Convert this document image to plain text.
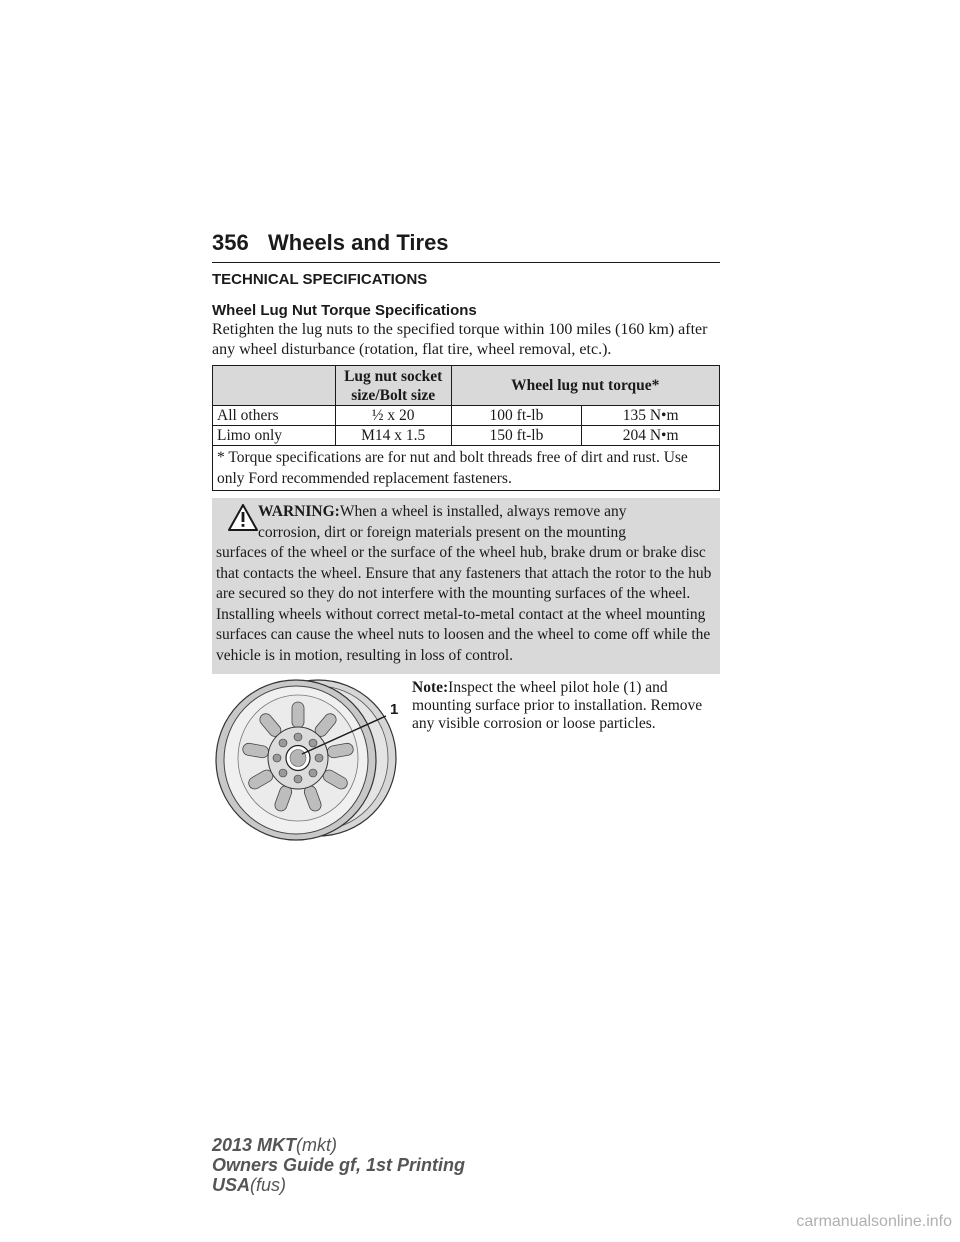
356 Wheels and Tires
TECHNICAL SPECIFICATIONS
Wheel Lug Nut Torque Specifications
Retighten the lug nuts to the specified torque within 100 miles (160 km) after any wheel disturbance (rotation, flat tire, wheel removal, etc.).
	Lug nut socket size/Bolt size	Wheel lug nut torque*	
All others	½ x 20	100 ft-lb	135 N•m
Limo only	M14 x 1.5	150 ft-lb	204 N•m
* Torque specifications are for nut and bolt threads free of dirt and rust. Use only Ford recommended replacement fasteners.			
WARNING:When a wheel is installed, always remove any
corrosion, dirt or foreign materials present on the mounting
surfaces of the wheel or the surface of the wheel hub, brake drum or brake disc that contacts the wheel. Ensure that any fasteners that attach the rotor to the hub are secured so they do not interfere with the mounting surfaces of the wheel. Installing wheels without correct metal-to-metal contact at the wheel mounting surfaces can cause the wheel nuts to loosen and the wheel to come off while the vehicle is in motion, resulting in loss of control.
1
Note:Inspect the wheel pilot hole (1) and mounting surface prior to installation. Remove any visible corrosion or loose particles.
2013 MKT(mkt)
Owners Guide gf, 1st Printing
USA(fus)
carmanualsonline.info
